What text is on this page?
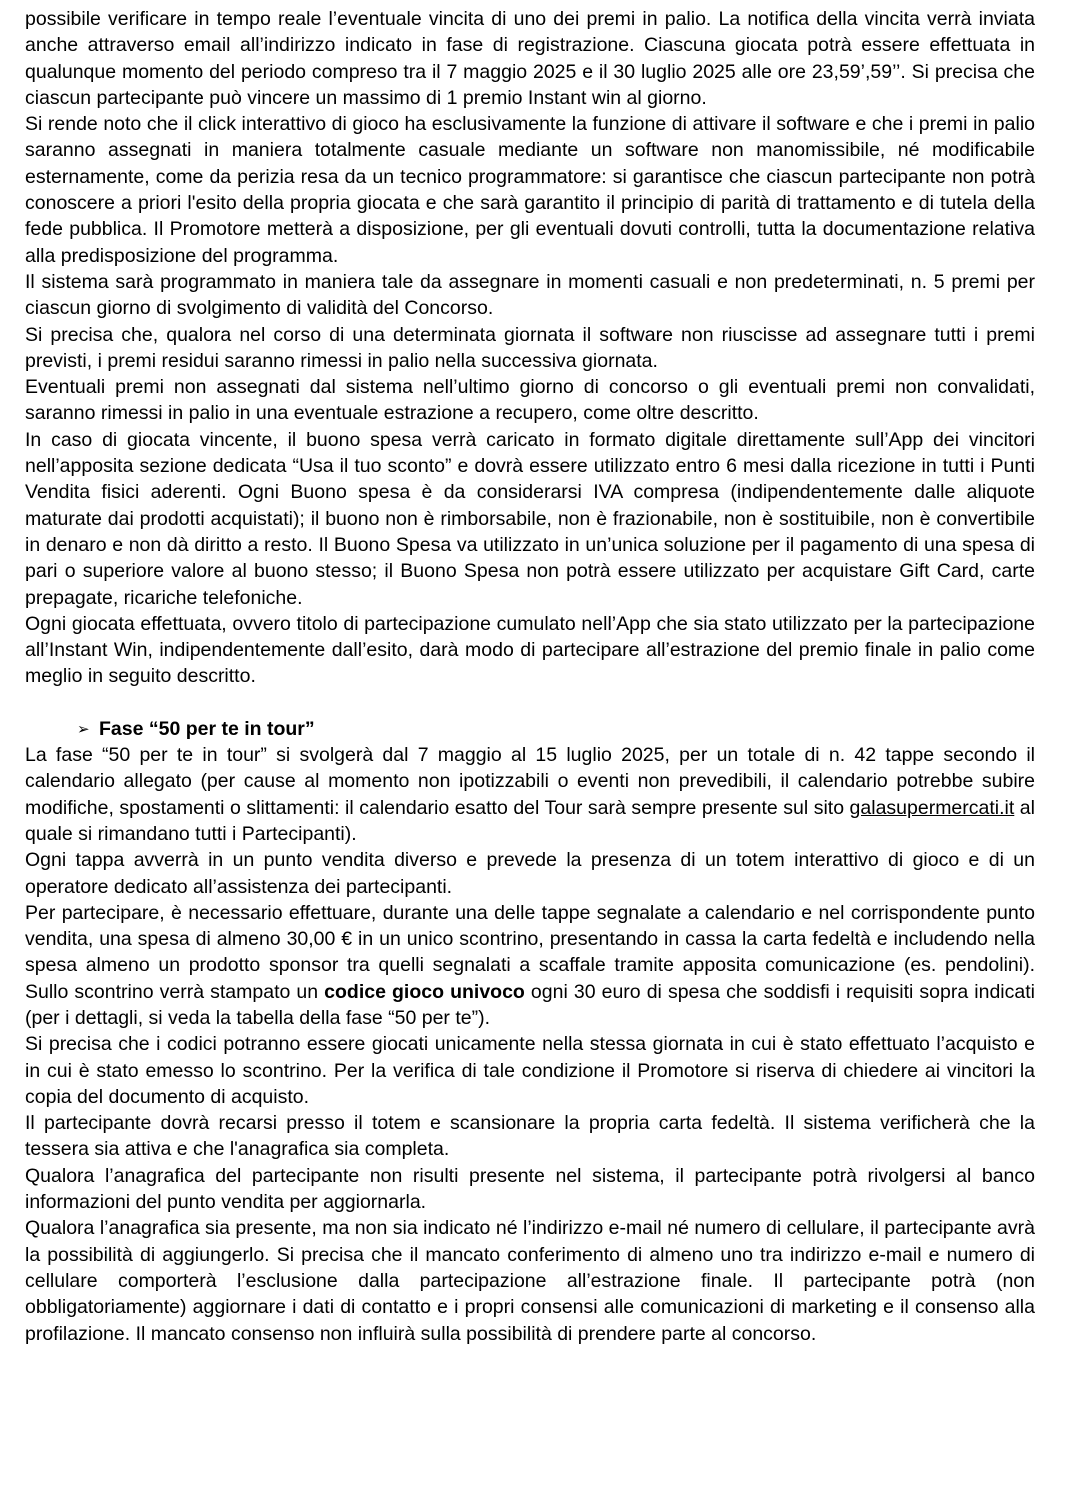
possibile verificare in tempo reale l’eventuale vincita di uno dei premi in palio. La notifica della vincita verrà inviata anche attraverso email all’indirizzo indicato in fase di registrazione. Ciascuna giocata potrà essere effettuata in qualunque momento del periodo compreso tra il 7 maggio 2025 e il 30 luglio 2025 alle ore 23,59’,59’’. Si precisa che ciascun partecipante può vincere un massimo di 1 premio Instant win al giorno.

Si rende noto che il click interattivo di gioco ha esclusivamente la funzione di attivare il software e che i premi in palio saranno assegnati in maniera totalmente casuale mediante un software non manomissibile, né modificabile esternamente, come da perizia resa da un tecnico programmatore: si garantisce che ciascun partecipante non potrà conoscere a priori l'esito della propria giocata e che sarà garantito il principio di parità di trattamento e di tutela della fede pubblica. Il Promotore metterà a disposizione, per gli eventuali dovuti controlli, tutta la documentazione relativa alla predisposizione del programma.

Il sistema sarà programmato in maniera tale da assegnare in momenti casuali e non predeterminati, n. 5 premi per ciascun giorno di svolgimento di validità del Concorso.

Si precisa che, qualora nel corso di una determinata giornata il software non riuscisse ad assegnare tutti i premi previsti, i premi residui saranno rimessi in palio nella successiva giornata.

Eventuali premi non assegnati dal sistema nell’ultimo giorno di concorso o gli eventuali premi non convalidati, saranno rimessi in palio in una eventuale estrazione a recupero, come oltre descritto.

In caso di giocata vincente, il buono spesa verrà caricato in formato digitale direttamente sull’App dei vincitori nell’apposita sezione dedicata “Usa il tuo sconto” e dovrà essere utilizzato entro 6 mesi dalla ricezione in tutti i Punti Vendita fisici aderenti. Ogni Buono spesa è da considerarsi IVA compresa (indipendentemente dalle aliquote maturate dai prodotti acquistati); il buono non è rimborsabile, non è frazionabile, non è sostituibile, non è convertibile in denaro e non dà diritto a resto. Il Buono Spesa va utilizzato in un’unica soluzione per il pagamento di una spesa di pari o superiore valore al buono stesso; il Buono Spesa non potrà essere utilizzato per acquistare Gift Card, carte prepagate, ricariche telefoniche.

Ogni giocata effettuata, ovvero titolo di partecipazione cumulato nell’App che sia stato utilizzato per la partecipazione all’Instant Win, indipendentemente dall’esito, darà modo di partecipare all’estrazione del premio finale in palio come meglio in seguito descritto.

➢ Fase “50 per te in tour”

La fase “50 per te in tour” si svolgerà dal 7 maggio al 15 luglio 2025, per un totale di n. 42 tappe secondo il calendario allegato (per cause al momento non ipotizzabili o eventi non prevedibili, il calendario potrebbe subire modifiche, spostamenti o slittamenti: il calendario esatto del Tour sarà sempre presente sul sito galasupermercati.it al quale si rimandano tutti i Partecipanti).

Ogni tappa avverrà in un punto vendita diverso e prevede la presenza di un totem interattivo di gioco e di un operatore dedicato all’assistenza dei partecipanti.

Per partecipare, è necessario effettuare, durante una delle tappe segnalate a calendario e nel corrispondente punto vendita, una spesa di almeno 30,00 € in un unico scontrino, presentando in cassa la carta fedeltà e includendo nella spesa almeno un prodotto sponsor tra quelli segnalati a scaffale tramite apposita comunicazione (es. pendolini). Sullo scontrino verrà stampato un codice gioco univoco ogni 30 euro di spesa che soddisfi i requisiti sopra indicati (per i dettagli, si veda la tabella della fase “50 per te”).

Si precisa che i codici potranno essere giocati unicamente nella stessa giornata in cui è stato effettuato l’acquisto e in cui è stato emesso lo scontrino. Per la verifica di tale condizione il Promotore si riserva di chiedere ai vincitori la copia del documento di acquisto.

Il partecipante dovrà recarsi presso il totem e scansionare la propria carta fedeltà. Il sistema verificherà che la tessera sia attiva e che l'anagrafica sia completa.

Qualora l’anagrafica del partecipante non risulti presente nel sistema, il partecipante potrà rivolgersi al banco informazioni del punto vendita per aggiornarla.

Qualora l’anagrafica sia presente, ma non sia indicato né l’indirizzo e-mail né numero di cellulare, il partecipante avrà la possibilità di aggiungerlo. Si precisa che il mancato conferimento di almeno uno tra indirizzo e-mail e numero di cellulare comporterà l’esclusione dalla partecipazione all’estrazione finale. Il partecipante potrà (non obbligatoriamente) aggiornare i dati di contatto e i propri consensi alle comunicazioni di marketing e il consenso alla profilazione. Il mancato consenso non influirà sulla possibilità di prendere parte al concorso.
